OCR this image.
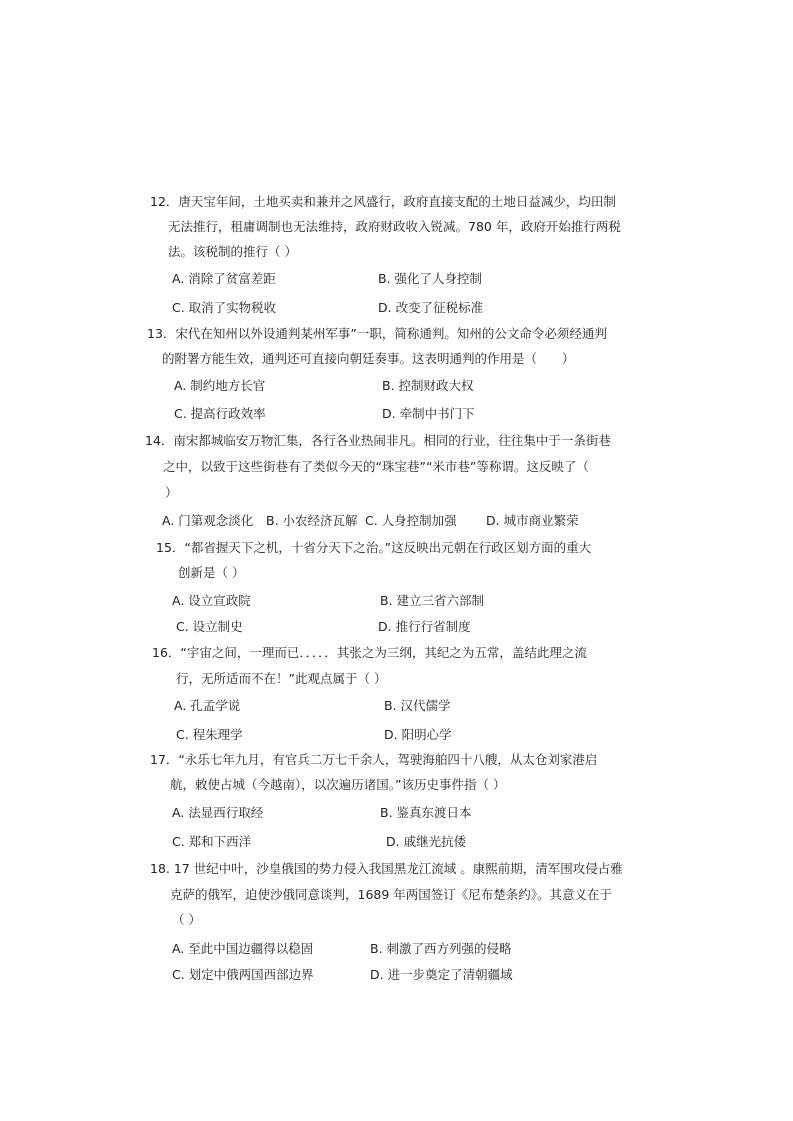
12．唐天宝年间，土地买卖和兼并之风盛行，政府直接支配的土地日益减少，均田制
无法推行，租庸调制也无法维持，政府财政收入锐减。780 年，政府开始推行两税
法。该税制的推行（ ）
A. 消除了贫富差距	B. 强化了人身控制
C. 取消了实物税收	D. 改变了征税标准
13．宋代在知州以外设通判某州军事”一职，简称通判。知州的公文命令必须经通判
的附署方能生效，通判还可直接向朝廷奏事。这表明通判的作用是（　　）
A. 制约地方长官	B. 控制财政大权
C. 提高行政效率	D. 牵制中书门下
14．南宋都城临安万物汇集，各行各业热闹非凡。相同的行业，往往集中于一条街巷
之中，以致于这些街巷有了类似今天的“珠宝巷”“米市巷”等称谓。这反映了（
）
A. 门第观念淡化 B. 小农经济瓦解 C. 人身控制加强 D. 城市商业繁荣
15．“都省握天下之机，十省分天下之治。”这反映出元朝在行政区划方面的重大
创新是（ ）
A. 设立宣政院	B. 建立三省六部制
C. 设立制史	D. 推行行省制度
16．“宇宙之间，一理而已．．．．．其张之为三纲，其纪之为五常，盖结此理之流
行，无所适而不在！”此观点属于（ ）
A. 孔孟学说	B. 汉代儒学
C. 程朱理学	D. 阳明心学
17．“永乐七年九月，有官兵二万七千余人，驾驶海舶四十八艘，从太仓刘家港启
航，敕使占城（今越南），以次遍历诸国。”该历史事件指（ ）
A. 法显西行取经	B. 鉴真东渡日本
C. 郑和下西洋	D. 戚继光抗倭
18. 17 世纪中叶，沙皇俄国的势力侵入我国黑龙江流域 。康熙前期，清军围攻侵占雅
克萨的俄军，迫使沙俄同意谈判，1689 年两国签订《尼布楚条约》。其意义在于
（ ）
A. 至此中国边疆得以稳固	B. 刺激了西方列强的侵略
C. 划定中俄两国西部边界	D. 进一步奠定了清朝疆域
